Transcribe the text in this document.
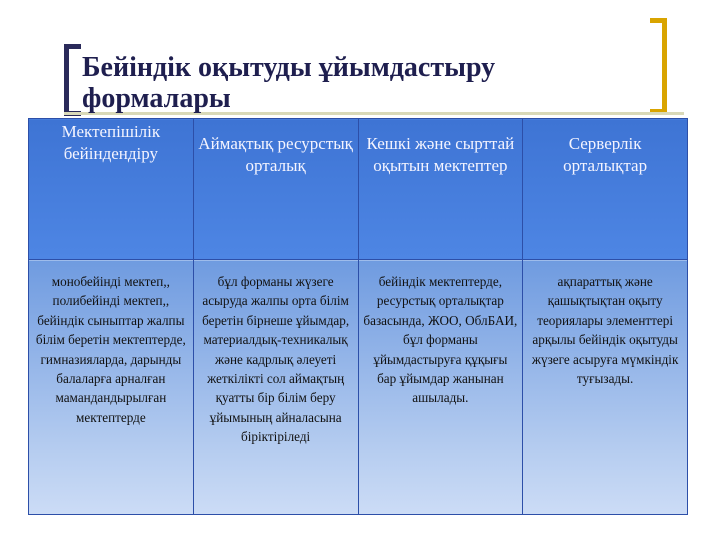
Бейіндік оқытуды ұйымдастыру формалары
Мектепішілік бейіндендіру	Аймақтық ресурстық орталық	Кешкі және сырттай оқытын мектептер	Серверлік орталықтар
монобейінді мектеп,, полибейінді мектеп,, бейіндік сыныптар жалпы білім беретін мектептерде, гимназияларда, дарынды балаларға арналған мамандандырылған мектептерде	бұл форманы жүзеге асыруда жалпы орта білім беретін бірнеше ұйымдар, материалдық-техникалық және кадрлық әлеуеті жеткілікті сол аймақтың қуатты бір білім беру ұйымының айналасына біріктіріледі	бейіндік мектептерде, ресурстық орталықтар базасында, ЖОО, ОблБАИ, бұл форманы ұйымдастыруға құқығы бар ұйымдар жанынан ашылады.	ақпараттық және қашықтықтан оқыту теориялары элементтері арқылы бейіндік оқытуды жүзеге асыруға мүмкіндік туғызады.
